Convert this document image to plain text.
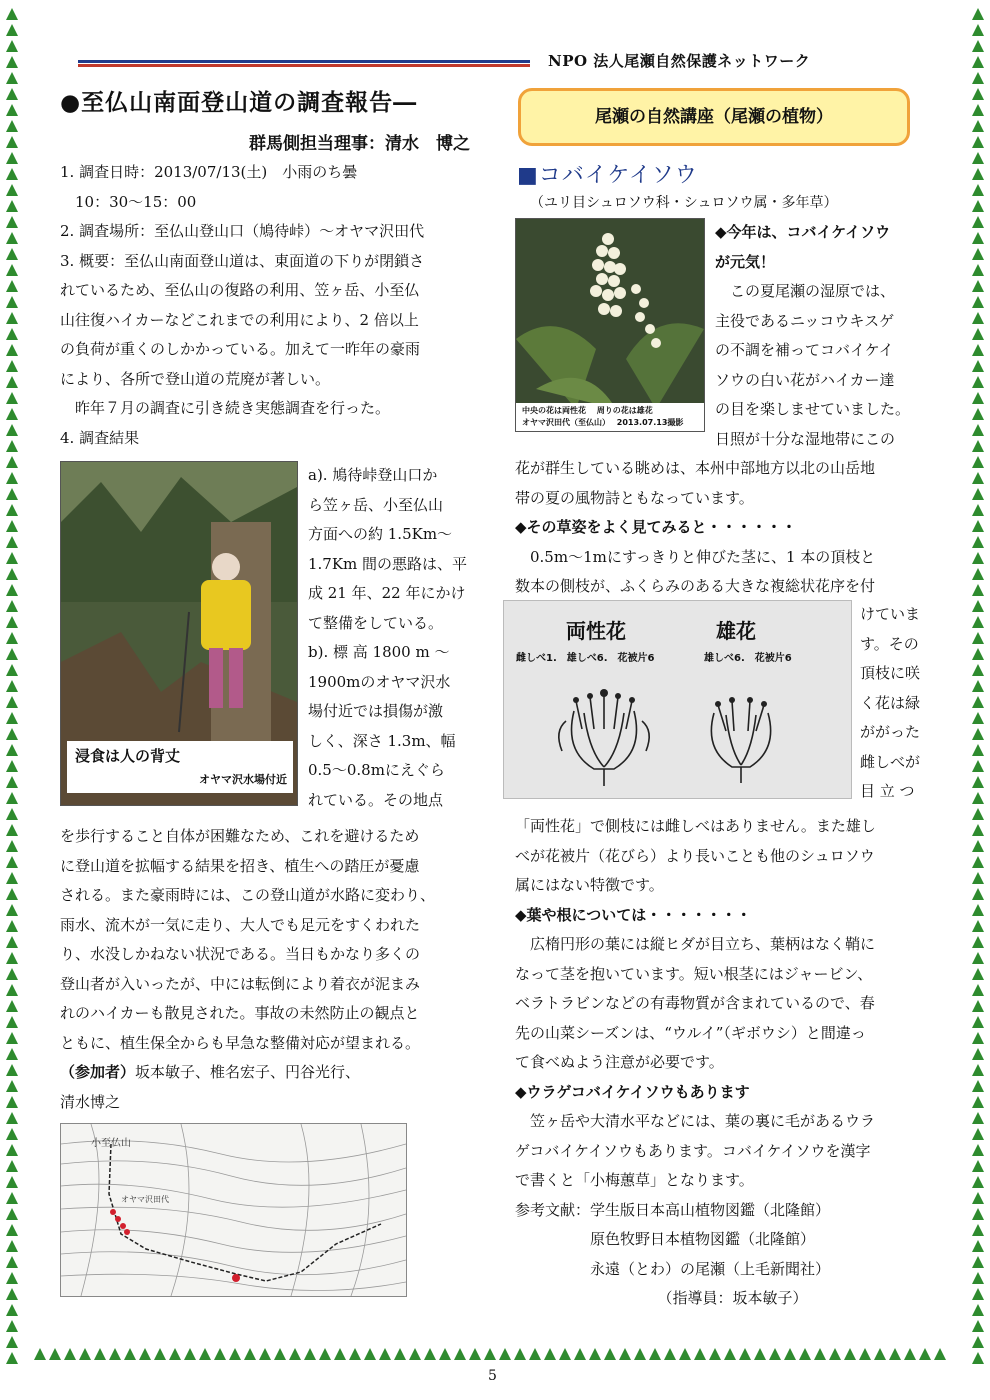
NPO 法人尾瀬自然保護ネットワーク
●至仏山南面登山道の調査報告―
群馬側担当理事：清水　博之

1. 調査日時：2013/07/13(土)　小雨のち曇

　10：30～15：00

2. 調査場所：至仏山登山口（鳩待峠）～オヤマ沢田代

3. 概要：至仏山南面登山道は、東面道の下りが閉鎖さ

れているため、至仏山の復路の利用、笠ヶ岳、小至仏

山往復ハイカーなどこれまでの利用により、2 倍以上

の負荷が重くのしかかっている。加えて一昨年の豪雨

により、各所で登山道の荒廃が著しい。

　昨年７月の調査に引き続き実態調査を行った。

4. 調査結果

浸食は人の背丈
オヤマ沢水場付近

a). 鳩待峠登山口か

ら笠ヶ岳、小至仏山

方面への約 1.5Km～

1.7Km 間の悪路は、平

成 21 年、22 年にかけ

て整備をしている。

b). 標 高 1800 m ～

1900mのオヤマ沢水

場付近では損傷が激

しく、深さ 1.3m、幅

0.5～0.8mにえぐら

れている。その地点

を歩行すること自体が困難なため、これを避けるため

に登山道を拡幅する結果を招き、植生への踏圧が憂慮

される。また豪雨時には、この登山道が水路に変わり、

雨水、流木が一気に走り、大人でも足元をすくわれた

り、水没しかねない状況である。当日もかなり多くの

登山者が入いったが、中には転倒により着衣が泥まみ

れのハイカーも散見された。事故の未然防止の観点と

ともに、植生保全からも早急な整備対応が望まれる。

（参加者）坂本敏子、椎名宏子、円谷光行、

清水博之

小至仏山
オヤマ沢田代
尾瀬の自然講座（尾瀬の植物）
■コバイケイソウ
（ユリ目シュロソウ科・シュロソウ属・多年草）
中央の花は両性花　 周りの花は雄花
オヤマ沢田代（至仏山）　 2013.07.13撮影

◆今年は、コバイケイソウ

が元気！

　この夏尾瀬の湿原では、

主役であるニッコウキスゲ

の不調を補ってコバイケイ

ソウの白い花がハイカー達

の目を楽しませていました。

日照が十分な湿地帯にこの

花が群生している眺めは、本州中部地方以北の山岳地

帯の夏の風物詩ともなっています。

◆その草姿をよく見てみると・・・・・・

　0.5m～1mにすっきりと伸びた茎に、1 本の頂枝と

数本の側枝が、ふくらみのある大きな複総状花序を付

両性花
雌しべ1.　雄しべ6.　花被片6
雄花
雄しべ6.　花被片6

けていま

す。その

頂枝に咲

く花は緑

ががった

雌しべが

目 立 つ

「両性花」で側枝には雌しべはありません。また雄し

べが花被片（花びら）より長いことも他のシュロソウ

属にはない特徴です。

◆葉や根については・・・・・・・

　広楕円形の葉には縦ヒダが目立ち、葉柄はなく鞘に

なって茎を抱いています。短い根茎にはジャービン、

ベラトラビンなどの有毒物質が含まれているので、春

先の山菜シーズンは、“ウルイ”（ギボウシ）と間違っ

て食べぬよう注意が必要です。

◆ウラゲコバイケイソウもあります

　笠ヶ岳や大清水平などには、葉の裏に毛があるウラ

ゲコバイケイソウもあります。コバイケイソウを漢字

で書くと「小梅蕙草」となります。

参考文献：学生版日本高山植物図鑑（北隆館）

　　　　　原色牧野日本植物図鑑（北隆館）

　　　　　永遠（とわ）の尾瀬（上毛新聞社）

　　　　　　　　　　（指導員：坂本敏子）

5
